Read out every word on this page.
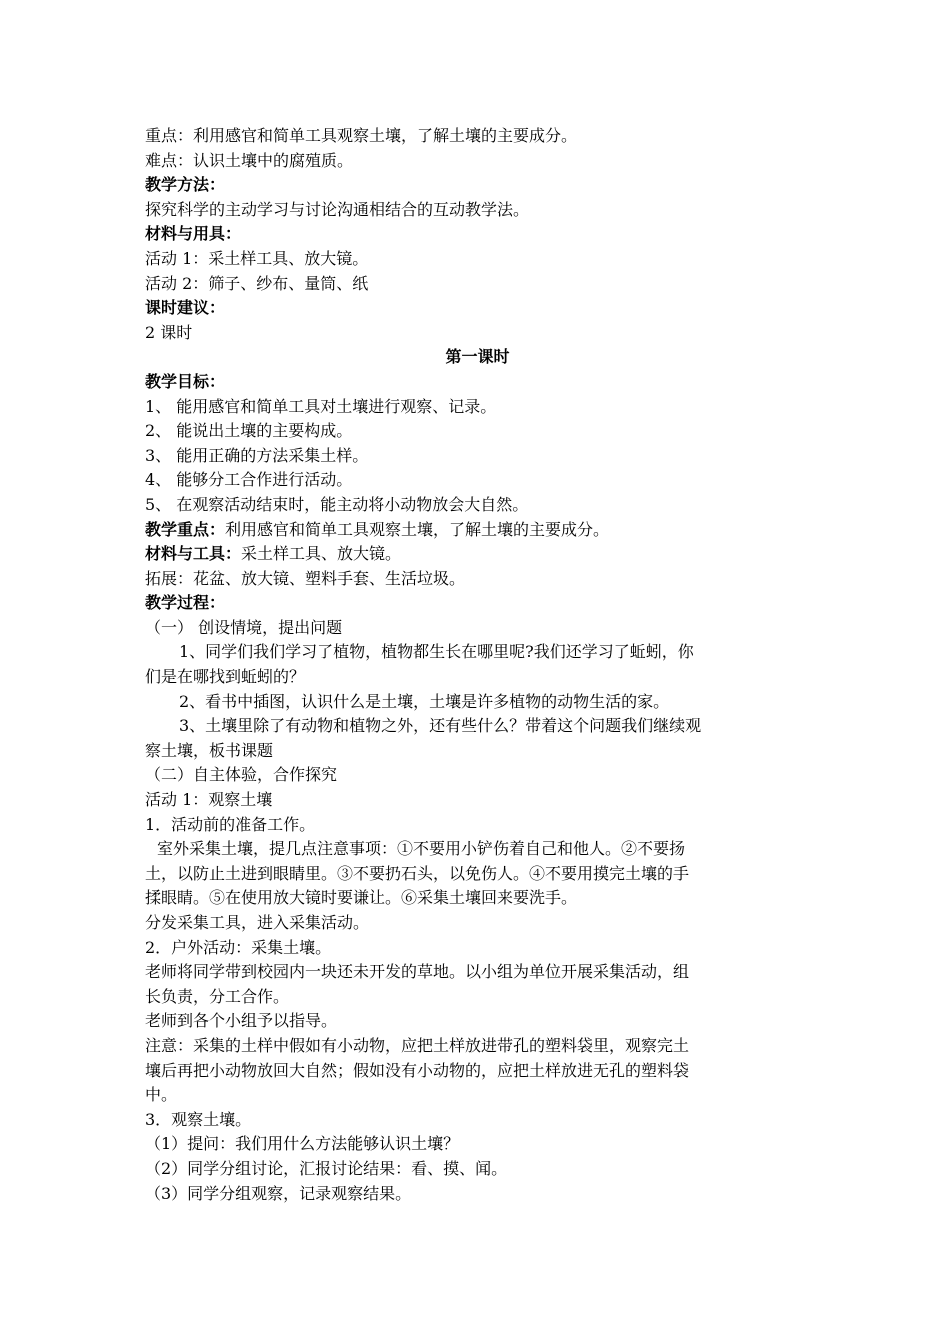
重点：利用感官和简单工具观察土壤，了解土壤的主要成分。
难点：认识土壤中的腐殖质。
教学方法：
探究科学的主动学习与讨论沟通相结合的互动教学法。
材料与用具：
活动 1：采土样工具、放大镜。
活动 2：筛子、纱布、量筒、纸
课时建议：
2 课时
第一课时
教学目标：
1、 能用感官和简单工具对土壤进行观察、记录。
2、 能说出土壤的主要构成。
3、 能用正确的方法采集土样。
4、 能够分工合作进行活动。
5、 在观察活动结束时，能主动将小动物放会大自然。
教学重点：利用感官和简单工具观察土壤，了解土壤的主要成分。
材料与工具：采土样工具、放大镜。
拓展：花盆、放大镜、塑料手套、生活垃圾。
教学过程：
（一） 创设情境，提出问题
1、同学们我们学习了植物，植物都生长在哪里呢?我们还学习了蚯蚓，你
们是在哪找到蚯蚓的？
2、看书中插图，认识什么是土壤，土壤是许多植物的动物生活的家。
3、土壤里除了有动物和植物之外，还有些什么？带着这个问题我们继续观
察土壤，板书课题
（二）自主体验，合作探究
活动 1：观察土壤
1．活动前的准备工作。
室外采集土壤，提几点注意事项：①不要用小铲伤着自己和他人。②不要扬
土，以防止土进到眼睛里。③不要扔石头，以免伤人。④不要用摸完土壤的手
揉眼睛。⑤在使用放大镜时要谦让。⑥采集土壤回来要洗手。
分发采集工具，进入采集活动。
2．户外活动：采集土壤。
老师将同学带到校园内一块还未开发的草地。以小组为单位开展采集活动，组
长负责，分工合作。
老师到各个小组予以指导。
注意：采集的土样中假如有小动物，应把土样放进带孔的塑料袋里，观察完土
壤后再把小动物放回大自然；假如没有小动物的，应把土样放进无孔的塑料袋
中。
3．观察土壤。
（1）提问：我们用什么方法能够认识土壤？
（2）同学分组讨论，汇报讨论结果：看、摸、闻。
（3）同学分组观察，记录观察结果。
